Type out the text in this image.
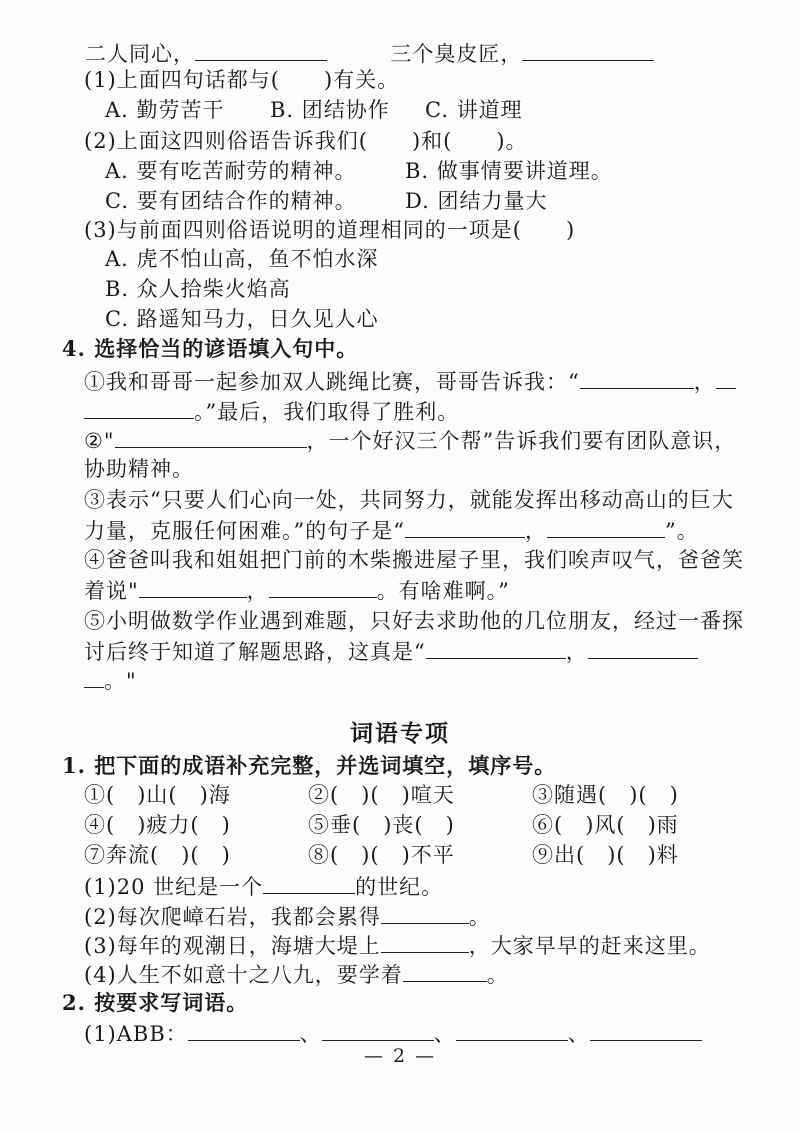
二人同心，	三个臭皮匠，
(1)上面四句话都与(　　)有关。
A. 勤劳苦干 B. 团结协作 C. 讲道理
(2)上面这四则俗语告诉我们(　　)和(　　)。
A. 要有吃苦耐劳的精神。 B. 做事情要讲道理。
C. 要有团结合作的精神。 D. 团结力量大
(3)与前面四则俗语说明的道理相同的一项是(　　)
A. 虎不怕山高，鱼不怕水深
B. 众人拾柴火焰高
C. 路遥知马力，日久见人心
4. 选择恰当的谚语填入句中。
①我和哥哥一起参加双人跳绳比赛，哥哥告诉我：“	，
。”最后，我们取得了胜利。
②"	，一个好汉三个帮”告诉我们要有团队意识，
协助精神。
③表示“只要人们心向一处，共同努力，就能发挥出移动高山的巨大
力量，克服任何困难。”的句子是“	，	”。
④爸爸叫我和姐姐把门前的木柴搬进屋子里，我们唉声叹气，爸爸笑
着说"	，	。有啥难啊。”
⑤小明做数学作业遇到难题，只好去求助他的几位朋友，经过一番探
讨后终于知道了解题思路，这真是“	，
。"
词语专项
1. 把下面的成语补充完整，并选词填空，填序号。
①(　)山(　)海	②(　)(　)喧天	③随遇(　)(　)
④(　)疲力(　)	⑤垂(　)丧(　)	⑥(　)风(　)雨
⑦奔流(　)(　)	⑧(　)(　)不平	⑨出(　)(　)料
(1)20 世纪是一个	的世纪。
(2)每次爬嶂石岩，我都会累得	。
(3)每年的观潮日，海塘大堤上	，大家早早的赶来这里。
(4)人生不如意十之八九，要学着	。
2. 按要求写词语。
(1)ABB：	、	、	、
— 2 —
